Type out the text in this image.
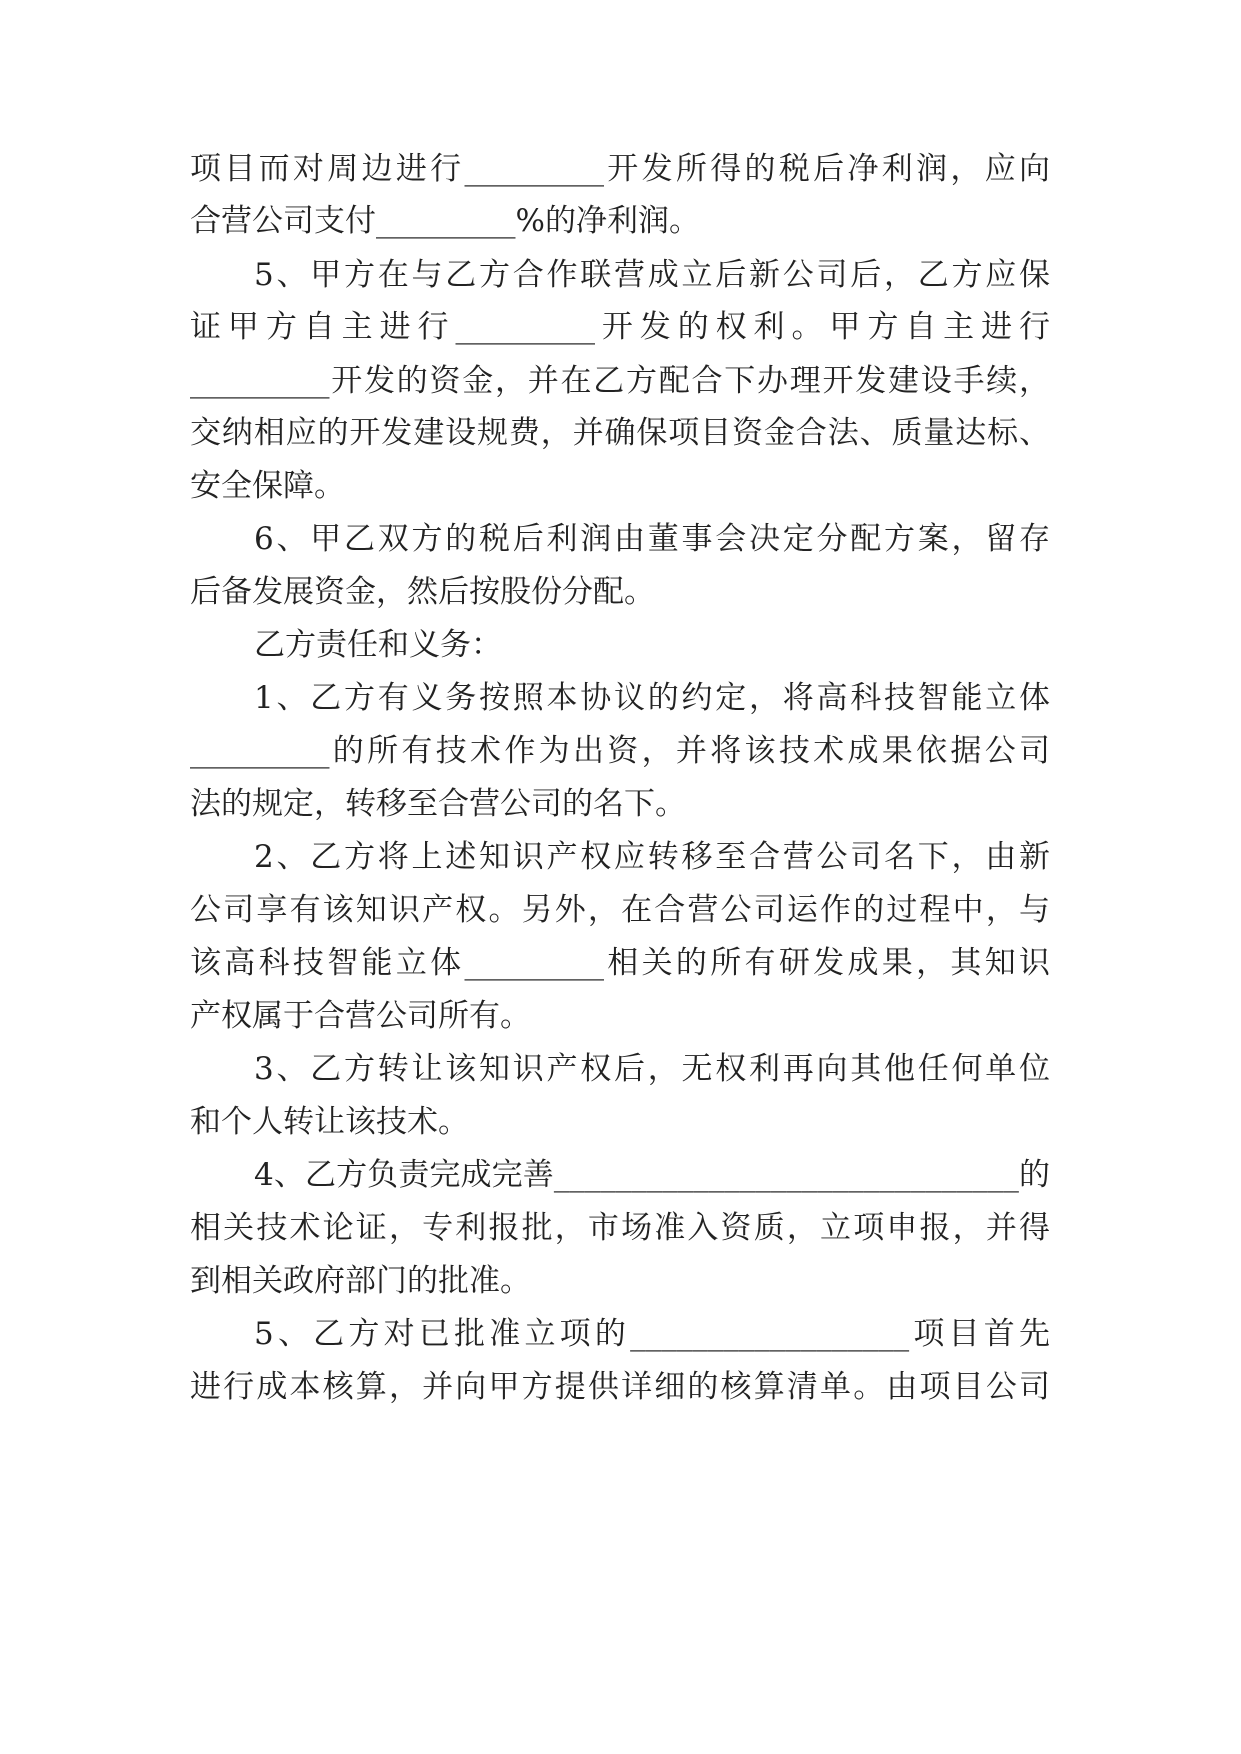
项目而对周边进行_________开发所得的税后净利润，应向
合营公司支付_________%的净利润。
5、甲方在与乙方合作联营成立后新公司后，乙方应保
证甲方自主进行_________开发的权利。甲方自主进行
_________开发的资金，并在乙方配合下办理开发建设手续，
交纳相应的开发建设规费，并确保项目资金合法、质量达标、
安全保障。
6、甲乙双方的税后利润由董事会决定分配方案，留存
后备发展资金，然后按股份分配。
乙方责任和义务：
1、乙方有义务按照本协议的约定，将高科技智能立体
_________的所有技术作为出资，并将该技术成果依据公司
法的规定，转移至合营公司的名下。
2、乙方将上述知识产权应转移至合营公司名下，由新
公司享有该知识产权。另外，在合营公司运作的过程中，与
该高科技智能立体_________相关的所有研发成果，其知识
产权属于合营公司所有。
3、乙方转让该知识产权后，无权利再向其他任何单位
和个人转让该技术。
4、乙方负责完成完善______________________________的
相关技术论证，专利报批，市场准入资质，立项申报，并得
到相关政府部门的批准。
5、乙方对已批准立项的__________________项目首先
进行成本核算，并向甲方提供详细的核算清单。由项目公司
